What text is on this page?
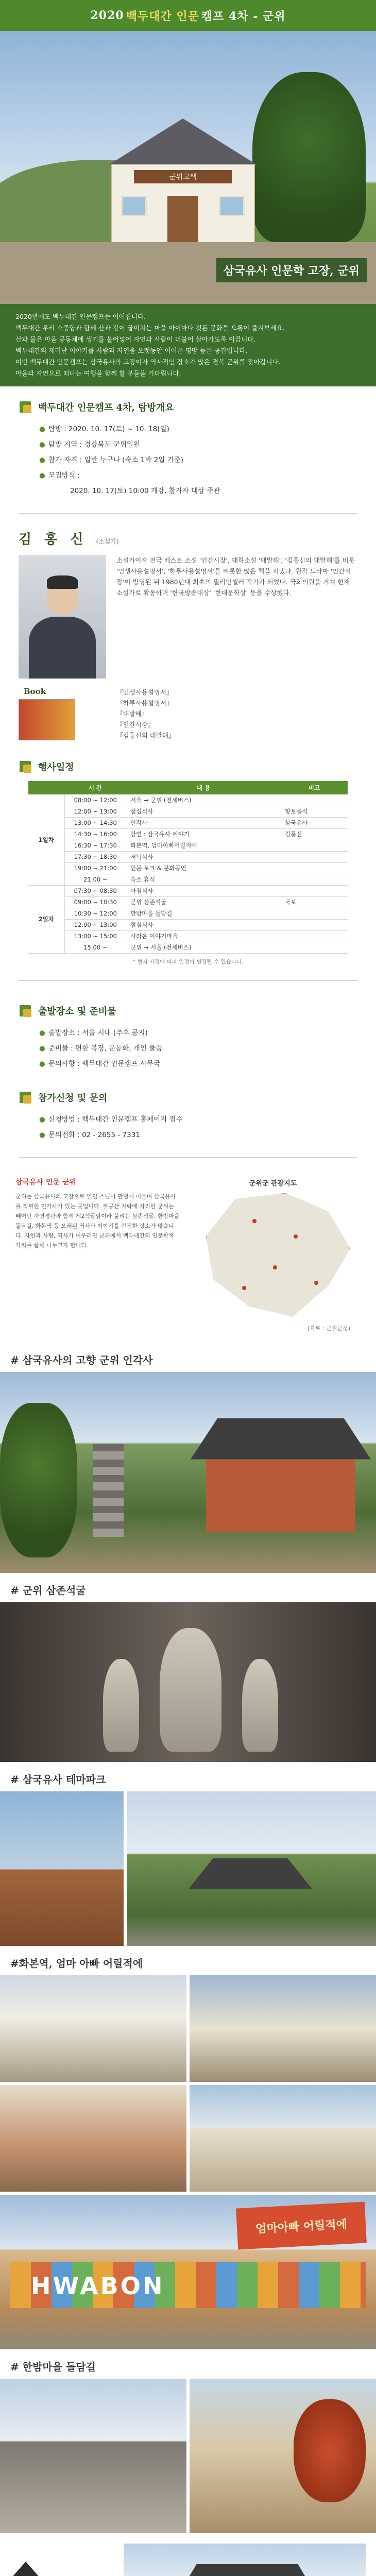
2020 백두대간 인문 캠프 4차 - 군위
군위고택
삼국유사 인문학 고장, 군위

2020년에도 백두대간 인문캠프는 이어집니다.

백두대간 우리 소중함과 함께 산과 강이 굽이치는 마을 아이마다 깃든 문화를 오롯이 즐겨보세요.

산과 물은 마을 공동체에 생기를 불어넣어 자연과 사람이 더불어 살아가도록 이끕니다.

백두대간의 재미난 이야기를 사람과 자연을 오랫동안 이어온 명망 높은 공간입니다.

이번 백두대간 인문캠프는 삼국유사의 고장이자 역사적인 장소가 많은 경북 군위를 찾아갑니다.

마을과 자연으로 떠나는 여행을 함께 할 분들을 기다립니다.

백두대간 인문캠프 4차, 탐방개요
● 탐방 : 2020. 10. 17(토) ~ 10. 18(일)
● 탐방 지역 : 경상북도 군위일원
● 참가 자격 : 일반 누구나 (숙소 1박 2일 기준)
● 모집방식 :
2020. 10. 17(토) 10:00 개강, 참가자 대상 주관
김 홍 신 (소설가)
소설가이자 전국 베스트 소설 '인간시장', 대하소설 '대발해', '김홍신의 대발해'를 비롯 '인생사용설명서', '하루사용설명서'를 비롯한 많은 책을 펴냈다. 원작 드라마 '인간시장'이 방영된 뒤 1980년대 최초의 밀리언셀러 작가가 되었다. 국회의원을 거쳐 현재 소설가로 활동하며 '한국방송대상' '현대문학상' 등을 수상했다.
Book	『인생사용설명서』
『하루사용설명서』
『대발해』
『인간시장』
『김홍신의 대발해』
행사일정
	시 간	내 용	비고
1일차	08:00 ~ 12:00	서울 → 군위 (전세버스)	
	12:00 ~ 13:00	점심식사	향토음식
	13:00 ~ 14:30	인각사	삼국유사
	14:30 ~ 16:00	강연 : 삼국유사 이야기	김홍신
	16:30 ~ 17:30	화본역, 엄마아빠어릴적에	
	17:30 ~ 18:30	저녁식사	
	19:00 ~ 21:00	인문 토크 & 문화공연	
	21:00 ~	숙소 휴식	
2일차	07:30 ~ 08:30	아침식사	
	09:00 ~ 10:30	군위 삼존석굴	국보
	10:30 ~ 12:00	한밤마을 돌담길	
	12:00 ~ 13:00	점심식사	
	13:00 ~ 15:00	사라온 이야기마을	
	15:00 ~	군위 → 서울 (전세버스)	

* 현지 사정에 따라 일정이 변경될 수 있습니다.

출발장소 및 준비물
● 출발장소 : 서울 시내 (추후 공지)
● 준비물 : 편한 복장, 운동화, 개인 물품
● 문의사항 : 백두대간 인문캠프 사무국
참가신청 및 문의
● 신청방법 : 백두대간 인문캠프 홈페이지 접수
● 문의전화 : 02 - 2655 - 7331
삼국유사 인문 군위

군위는 삼국유사의 고장으로 일연 스님이 만년에 머물며 삼국유사를 집필한 인각사가 있는 곳입니다. 팔공산 자락에 자리한 군위는 빼어난 자연경관과 함께 제2석굴암이라 불리는 삼존석굴, 한밤마을 돌담길, 화본역 등 오래된 역사와 이야기를 간직한 장소가 많습니다. 자연과 사람, 역사가 어우러진 군위에서 백두대간의 인문학적 가치를 함께 나누고자 합니다.

군위군 관광지도
(자료 : 군위군청)
# 삼국유사의 고향 군위 인각사
# 군위 삼존석굴
# 삼국유사 테마파크
#화본역, 엄마 아빠 어릴적에
HWABON
엄마아빠 어릴적에
# 한밤마을 돌담길
